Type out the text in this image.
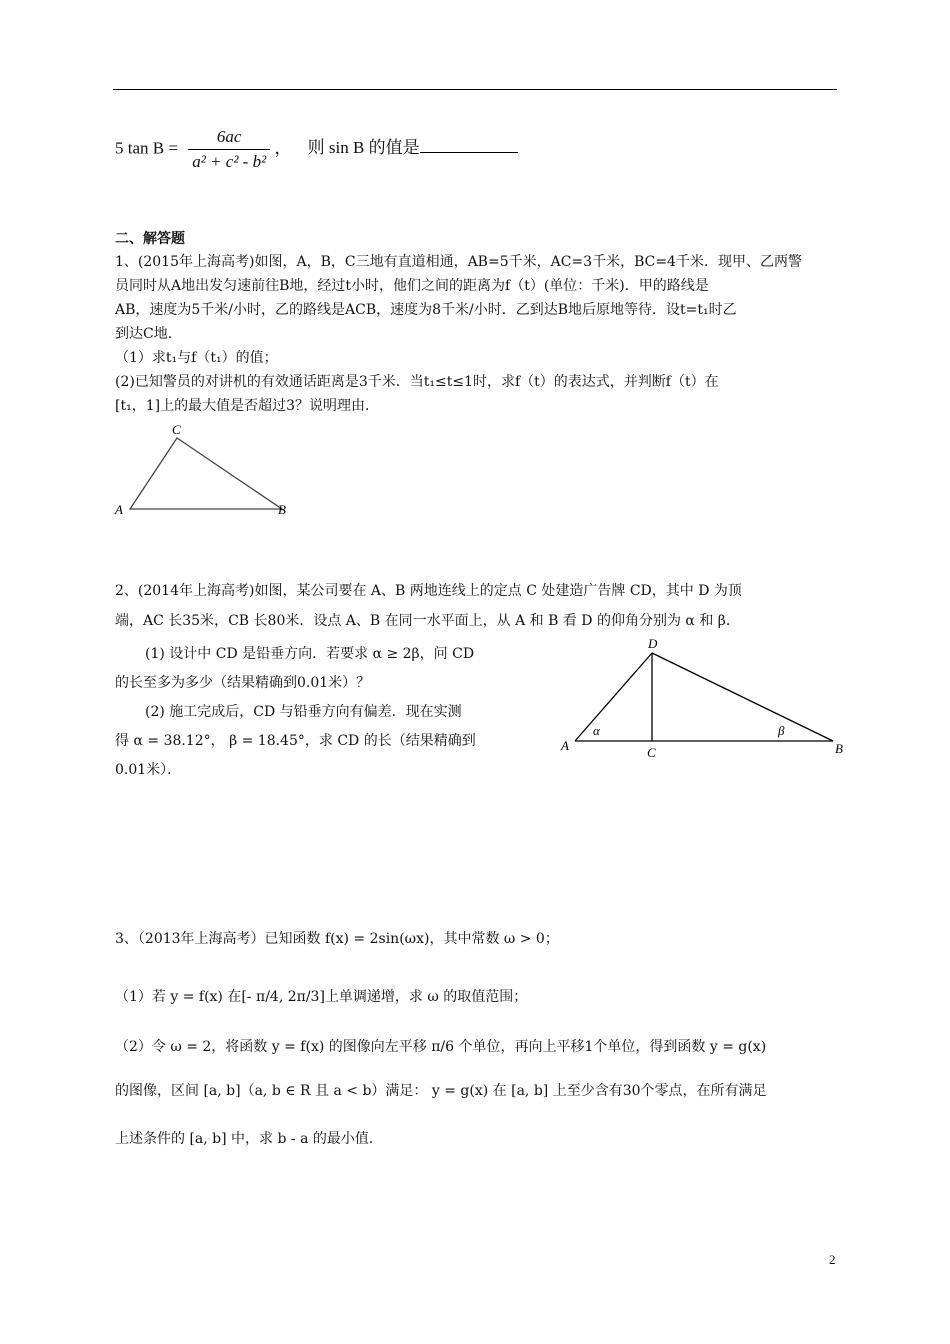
5 $\tan B = \frac{6ac}{\text{a² + c² - b²}}$ ， 则 sin B 的值是
二、解答题
1、(2015年上海高考)如图，A，B，C三地有直道相通，AB=5千米，AC=3千米，BC=4千米．现甲、乙两警
员同时从A地出发匀速前往B地，经过t小时，他们之间的距离为f（t）(单位：千米)．甲的路线是
AB，速度为5千米/小时，乙的路线是ACB，速度为8千米/小时．乙到达B地后原地等待．设t=t₁时乙
到达C地．
（1）求t₁与f（t₁）的值；
(2)已知警员的对讲机的有效通话距离是3千米．当t₁≤t≤1时，求f（t）的表达式，并判断f（t）在
[t₁，1]上的最大值是否超过3？说明理由．
C
A	B
2、(2014年上海高考)如图，某公司要在 A、B 两地连线上的定点 C 处建造广告牌 CD，其中 D 为顶
端，AC 长35米，CB 长80米．设点 A、B 在同一水平面上，从 A 和 B 看 D 的仰角分别为 α 和 β．
(1) 设计中 CD 是铅垂方向．若要求 α ≥ 2β，问 CD
的长至多为多少（结果精确到0.01米）？
(2) 施工完成后，CD 与铅垂方向有偏差．现在实测
得 α = 38.12°， β = 18.45°，求 CD 的长（结果精确到
0.01米）．
D
A	C	B
α	β
3、（2013年上海高考）已知函数 f(x) = 2sin(ωx)，其中常数 ω > 0；
（1）若 y = f(x) 在[- π/4, 2π/3]上单调递增，求 ω 的取值范围；
（2）令 ω = 2，将函数 y = f(x) 的图像向左平移 π/6 个单位，再向上平移1个单位，得到函数 y = g(x)
的图像，区间 [a, b]（a, b ∈ R 且 a < b）满足： y = g(x) 在 [a, b] 上至少含有30个零点，在所有满足
上述条件的 [a, b] 中，求 b - a 的最小值．
2
